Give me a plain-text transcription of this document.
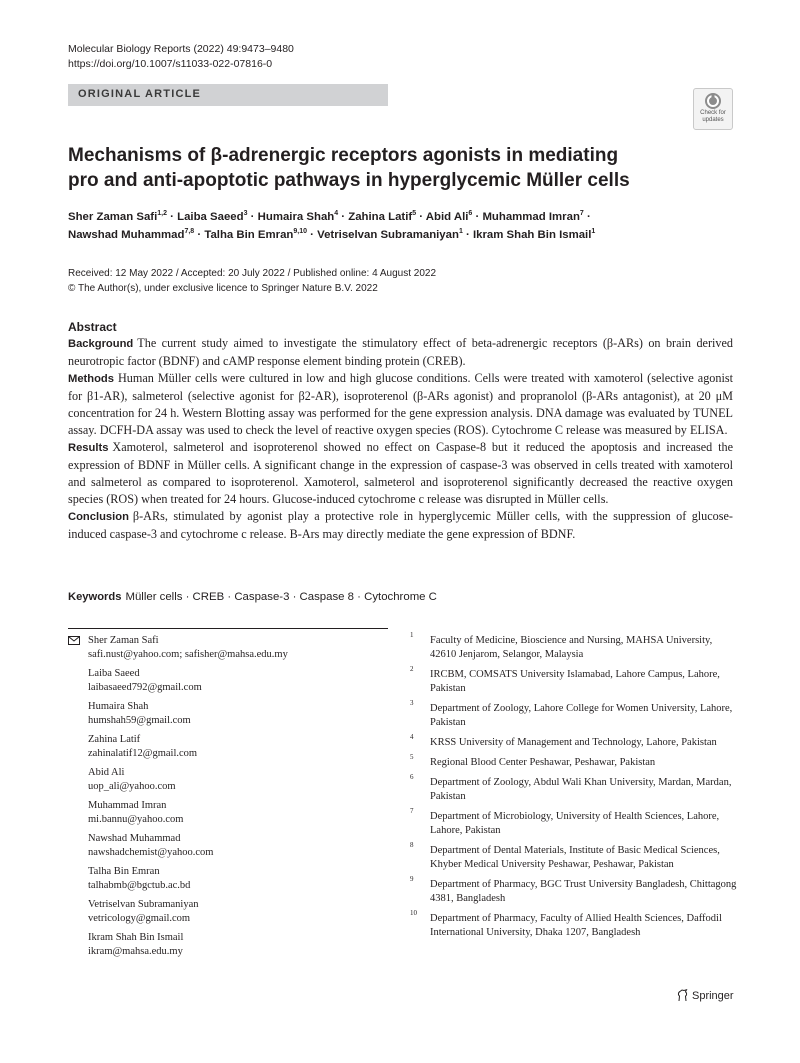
Molecular Biology Reports (2022) 49:9473–9480
https://doi.org/10.1007/s11033-022-07816-0
ORIGINAL ARTICLE
Check for
updates
Mechanisms of β-adrenergic receptors agonists in mediating
pro and anti-apoptotic pathways in hyperglycemic Müller cells
Sher Zaman Safi$^{1,2}$ · Laiba Saeed$^3$ · Humaira Shah$^4$ · Zahina Latif$^5$ · Abid Ali$^6$ · Muhammad Imran$^7$ ·
Nawshad Muhammad$^{7,8}$ · Talha Bin Emran$^{9,10}$ · Vetriselvan Subramaniyan$^1$ · Ikram Shah Bin Ismail$^1$
Received: 12 May 2022 / Accepted: 20 July 2022 / Published online: 4 August 2022
© The Author(s), under exclusive licence to Springer Nature B.V. 2022
Abstract

Background The current study aimed to investigate the stimulatory effect of beta-adrenergic receptors (β-ARs) on brain derived neurotropic factor (BDNF) and cAMP response element binding protein (CREB).

Methods Human Müller cells were cultured in low and high glucose conditions. Cells were treated with xamoterol (selective agonist for β1-AR), salmeterol (selective agonist for β2-AR), isoproterenol (β-ARs agonist) and propranolol (β-ARs antagonist), at 20 μM concentration for 24 h. Western Blotting assay was performed for the gene expression analysis. DNA damage was evaluated by TUNEL assay. DCFH-DA assay was used to check the level of reactive oxygen species (ROS). Cytochrome C release was measured by ELISA.

Results Xamoterol, salmeterol and isoproterenol showed no effect on Caspase-8 but it reduced the apoptosis and increased the expression of BDNF in Müller cells. A significant change in the expression of caspase-3 was observed in cells treated with xamoterol and salmeterol as compared to isoproterenol. Xamoterol, salmeterol and isoproterenol significantly decreased the reactive oxygen species (ROS) when treated for 24 hours. Glucose-induced cytochrome c release was disrupted in Müller cells.

Conclusion β-ARs, stimulated by agonist play a protective role in hyperglycemic Müller cells, with the suppression of glucose-induced caspase-3 and cytochrome c release. B-Ars may directly mediate the gene expression of BDNF.

Keywords Müller cells · CREB · Caspase-3 · Caspase 8 · Cytochrome C
Sher Zaman Safi
safi.nust@yahoo.com; safisher@mahsa.edu.my
Laiba Saeed
laibasaeed792@gmail.com
Humaira Shah
humshah59@gmail.com
Zahina Latif
zahinalatif12@gmail.com
Abid Ali
uop_ali@yahoo.com
Muhammad Imran
mi.bannu@yahoo.com
Nawshad Muhammad
nawshadchemist@yahoo.com
Talha Bin Emran
talhabmb@bgctub.ac.bd
Vetriselvan Subramaniyan
vetricology@gmail.com
Ikram Shah Bin Ismail
ikram@mahsa.edu.my
1 Faculty of Medicine, Bioscience and Nursing, MAHSA University, 42610 Jenjarom, Selangor, Malaysia
2 IRCBM, COMSATS University Islamabad, Lahore Campus, Lahore, Pakistan
3 Department of Zoology, Lahore College for Women University, Lahore, Pakistan
4 KRSS University of Management and Technology, Lahore, Pakistan
5 Regional Blood Center Peshawar, Peshawar, Pakistan
6 Department of Zoology, Abdul Wali Khan University, Mardan, Mardan, Pakistan
7 Department of Microbiology, University of Health Sciences, Lahore, Lahore, Pakistan
8 Department of Dental Materials, Institute of Basic Medical Sciences, Khyber Medical University Peshawar, Peshawar, Pakistan
9 Department of Pharmacy, BGC Trust University Bangladesh, Chittagong 4381, Bangladesh
10 Department of Pharmacy, Faculty of Allied Health Sciences, Daffodil International University, Dhaka 1207, Bangladesh
Springer
